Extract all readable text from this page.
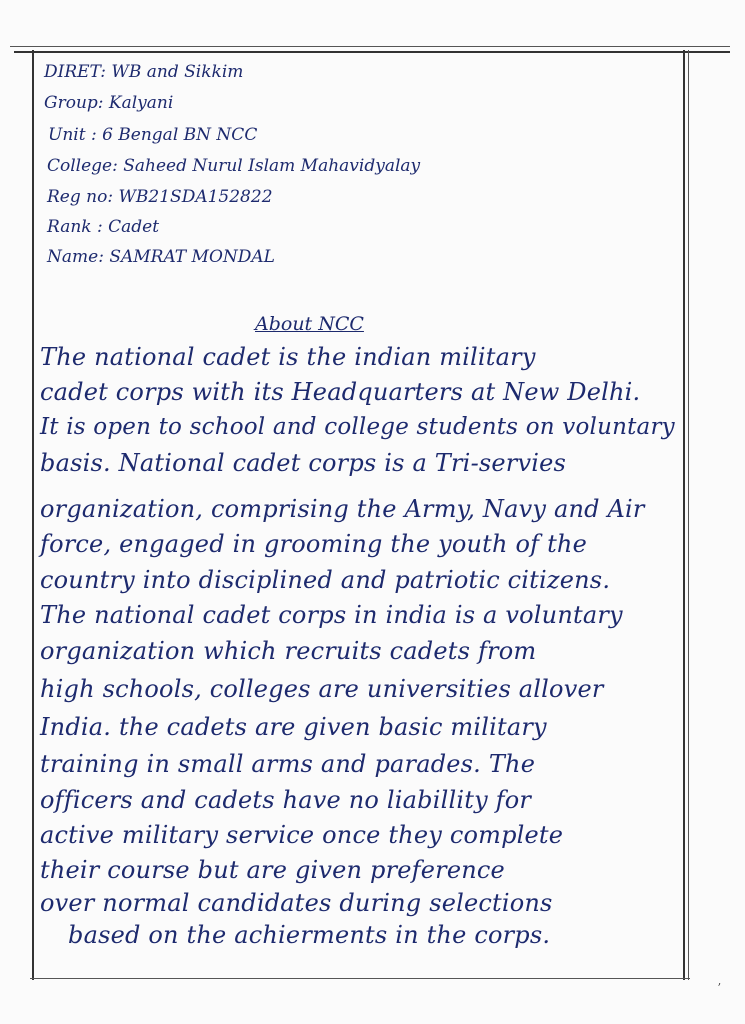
DIRET: WB and Sikkim
Group: Kalyani
Unit : 6 Bengal BN NCC
College: Saheed Nurul Islam Mahavidyalay
Reg no: WB21SDA152822
Rank : Cadet
Name: SAMRAT MONDAL
About NCC
The national cadet is the indian military
cadet corps with its Headquarters at New Delhi.
It is open to school and college students on voluntary
basis. National cadet corps is a Tri-servies
organization, comprising the Army, Navy and Air
force, engaged in grooming the youth of the
country into disciplined and patriotic citizens.
The national cadet corps in india is a voluntary
organization which recruits cadets from
high schools, colleges are universities allover
India. the cadets are given basic military
training in small arms and parades. The
officers and cadets have no liabillity for
active military service once they complete
their course but are given preference
over normal candidates during selections
based on the achierments in the corps.
ʼ
